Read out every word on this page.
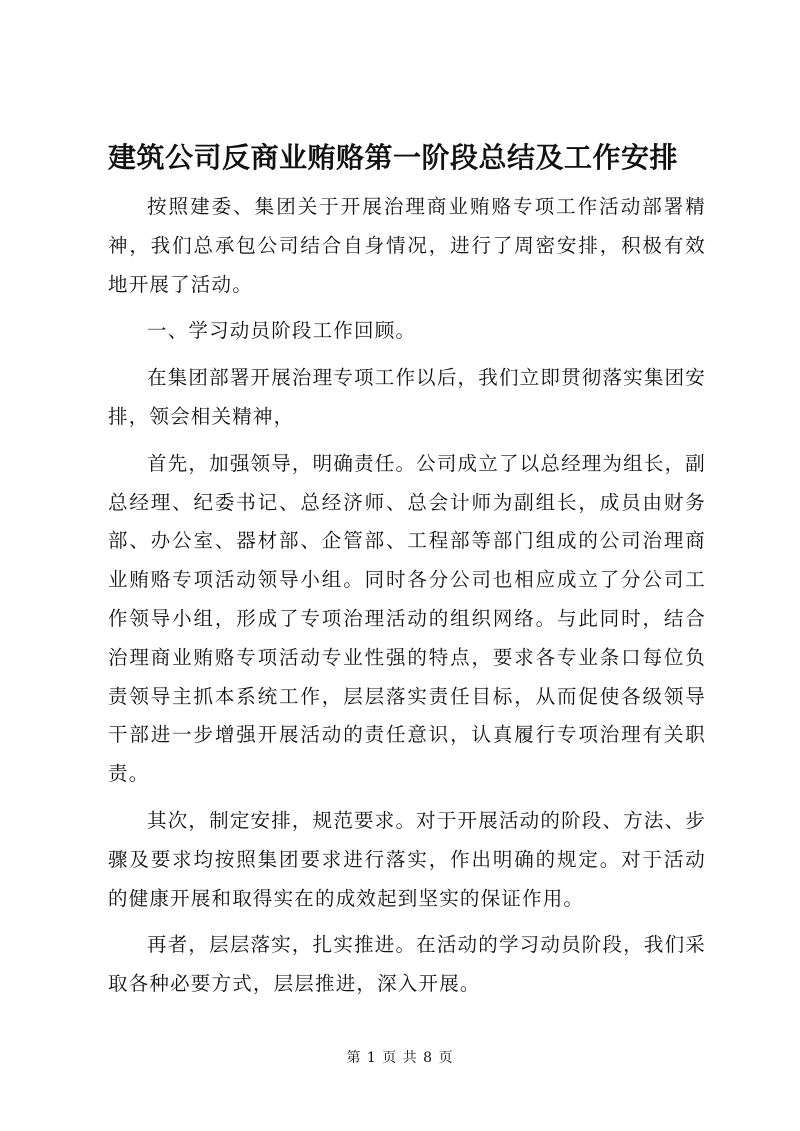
建筑公司反商业贿赂第一阶段总结及工作安排

按照建委、集团关于开展治理商业贿赂专项工作活动部署精神，我们总承包公司结合自身情况，进行了周密安排，积极有效地开展了活动。

一、学习动员阶段工作回顾。

在集团部署开展治理专项工作以后，我们立即贯彻落实集团安排，领会相关精神，

首先，加强领导，明确责任。公司成立了以总经理为组长，副总经理、纪委书记、总经济师、总会计师为副组长，成员由财务部、办公室、器材部、企管部、工程部等部门组成的公司治理商业贿赂专项活动领导小组。同时各分公司也相应成立了分公司工作领导小组，形成了专项治理活动的组织网络。与此同时，结合治理商业贿赂专项活动专业性强的特点，要求各专业条口每位负责领导主抓本系统工作，层层落实责任目标，从而促使各级领导干部进一步增强开展活动的责任意识，认真履行专项治理有关职责。

其次，制定安排，规范要求。对于开展活动的阶段、方法、步骤及要求均按照集团要求进行落实，作出明确的规定。对于活动的健康开展和取得实在的成效起到坚实的保证作用。

再者，层层落实，扎实推进。在活动的学习动员阶段，我们采取各种必要方式，层层推进，深入开展。

第 1 页 共 8 页
